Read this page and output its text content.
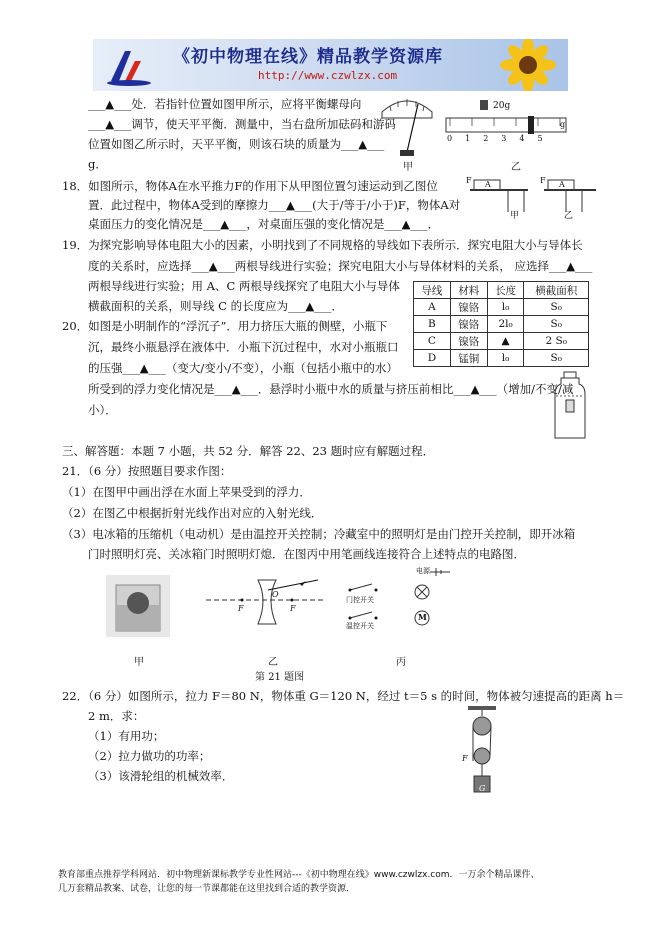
《初中物理在线》精品教学资源库
http://www.czwlzx.com
___▲___处．若指针位置如图甲所示，应将平衡螺母向
___▲___调节，使天平平衡．测量中，当右盘所加砝码和游码
位置如图乙所示时，天平平衡，则该石块的质量为___▲___
g．	甲
20g
012345
g
乙
18．如图所示，物体A在水平推力F的作用下从甲图位置匀速运动到乙图位
置．此过程中，物体A受到的摩擦力___▲___(大于/等于/小于)F，物体A对
桌面压力的变化情况是___▲___，对桌面压强的变化情况是___▲___．
F A	F A
甲	乙
19．为探究影响导体电阻大小的因素，小明找到了不同规格的导线如下表所示．探究电阻大小与导体长
度的关系时，应选择___▲___两根导线进行实验；探究电阻大小与导体材料的关系， 应选择___▲___
两根导线进行实验；用 A、C 两根导线探究了电阻大小与导体
横截面积的关系，则导线 C 的长度应为___▲___．
导线	材料	长度	横截面积
A	镍铬	l₀	S₀
B	镍铬	2l₀	S₀
C	镍铬	▲	2 S₀
D	锰铜	l₀	S₀
20．如图是小明制作的“浮沉子”．用力挤压大瓶的侧壁，小瓶下
沉，最终小瓶悬浮在液体中．小瓶下沉过程中，水对小瓶瓶口
的压强___▲___（变大/变小/不变），小瓶（包括小瓶中的水）
所受到的浮力变化情况是___▲___．悬浮时小瓶中水的质量与挤压前相比___▲___（增加/不变/减
小）．
三、解答题：本题 7 小题，共 52 分．解答 22、23 题时应有解题过程．
21．（6 分）按照题目要求作图：
（1）在图甲中画出浮在水面上苹果受到的浮力．
（2）在图乙中根据折射光线作出对应的入射光线．
（3）电冰箱的压缩机（电动机）是由温控开关控制；冷藏室中的照明灯是由门控开关控制，即开冰箱
门时照明灯亮、关冰箱门时照明灯熄．在图丙中用笔画线连接符合上述特点的电路图．
甲
F
O
F
乙
电源
门控开关
温控开关
M
丙
第 21 题图
22．（6 分）如图所示，拉力 F＝80 N，物体重 G＝120 N，经过 t＝5 s 的时间，物体被匀速提高的距离 h＝
2 m．求：
（1）有用功；
（2）拉力做功的功率；
（3）该滑轮组的机械效率．
F
G
教育部重点推荐学科网站．初中物理新课标教学专业性网站---《初中物理在线》www.czwlzx.com．一万余个精品课件、
几万套精品教案、试卷，让您的每一节课都能在这里找到合适的教学资源．
